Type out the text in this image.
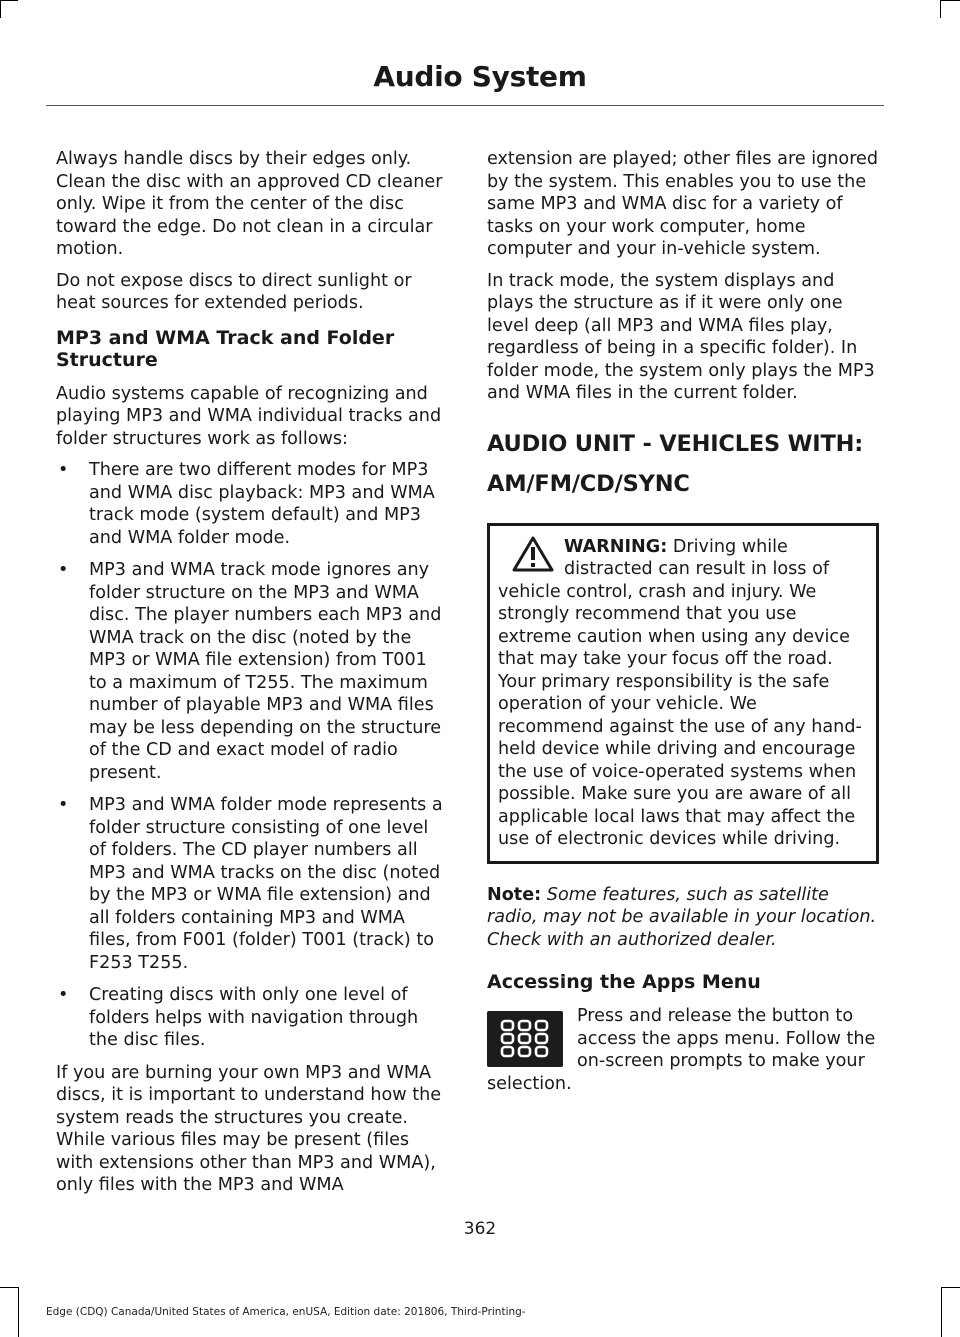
Audio System

Always handle discs by their edges only. Clean the disc with an approved CD cleaner only. Wipe it from the center of the disc toward the edge. Do not clean in a circular motion.

Do not expose discs to direct sunlight or heat sources for extended periods.

MP3 and WMA Track and Folder Structure

Audio systems capable of recognizing and playing MP3 and WMA individual tracks and folder structures work as follows:

• There are two different modes for MP3 and WMA disc playback: MP3 and WMA track mode (system default) and MP3 and WMA folder mode.
• MP3 and WMA track mode ignores any folder structure on the MP3 and WMA disc. The player numbers each MP3 and WMA track on the disc (noted by the MP3 or WMA file extension) from T001 to a maximum of T255. The maximum number of playable MP3 and WMA files may be less depending on the structure of the CD and exact model of radio present.
• MP3 and WMA folder mode represents a folder structure consisting of one level of folders. The CD player numbers all MP3 and WMA tracks on the disc (noted by the MP3 or WMA file extension) and all folders containing MP3 and WMA files, from F001 (folder) T001 (track) to F253 T255.
• Creating discs with only one level of folders helps with navigation through the disc files.

If you are burning your own MP3 and WMA discs, it is important to understand how the system reads the structures you create. While various files may be present (files with extensions other than MP3 and WMA), only files with the MP3 and WMA

extension are played; other files are ignored by the system. This enables you to use the same MP3 and WMA disc for a variety of tasks on your work computer, home computer and your in-vehicle system.

In track mode, the system displays and plays the structure as if it were only one level deep (all MP3 and WMA files play, regardless of being in a specific folder). In folder mode, the system only plays the MP3 and WMA files in the current folder.

AUDIO UNIT - VEHICLES WITH:
AM/FM/CD/SYNC
WARNING: Driving while distracted can result in loss of vehicle control, crash and injury. We strongly recommend that you use extreme caution when using any device that may take your focus off the road. Your primary responsibility is the safe operation of your vehicle. We recommend against the use of any hand-held device while driving and encourage the use of voice-operated systems when possible. Make sure you are aware of all applicable local laws that may affect the use of electronic devices while driving.

Note: Some features, such as satellite radio, may not be available in your location. Check with an authorized dealer.

Accessing the Apps Menu
Press and release the button to access the apps menu. Follow the on-screen prompts to make your selection.
362
Edge (CDQ) Canada/United States of America, enUSA, Edition date: 201806, Third-Printing-
